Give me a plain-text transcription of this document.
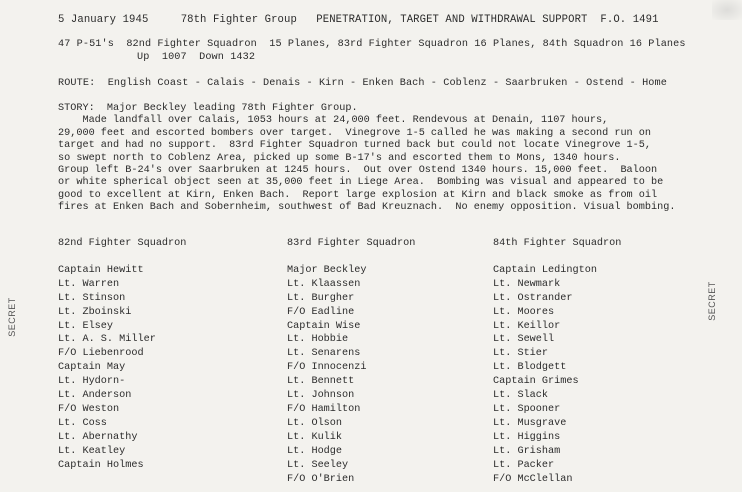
5 January 1945     78th Fighter Group   PENETRATION, TARGET AND WITHDRAWAL SUPPORT  F.O. 1491
47 P-51's  82nd Fighter Squadron  15 Planes, 83rd Fighter Squadron 16 Planes, 84th Squadron 16 Planes
Up  1007  Down 1432
ROUTE:  English Coast - Calais - Denais - Kirn - Enken Bach - Coblenz - Saarbruken - Ostend - Home
STORY:  Major Beckley leading 78th Fighter Group.
Made landfall over Calais, 1053 hours at 24,000 feet. Rendevous at Denain, 1107 hours,
29,000 feet and escorted bombers over target.  Vinegrove 1-5 called he was making a second run on
target and had no support.  83rd Fighter Squadron turned back but could not locate Vinegrove 1-5,
so swept north to Coblenz Area, picked up some B-17's and escorted them to Mons, 1340 hours.
Group left B-24's over Saarbruken at 1245 hours.  Out over Ostend 1340 hours. 15,000 feet.  Baloon
or white spherical object seen at 35,000 feet in Liege Area.  Bombing was visual and appeared to be
good to excellent at Kirn, Enken Bach.  Report large explosion at Kirn and black smoke as from oil
fires at Enken Bach and Sobernheim, southwest of Bad Kreuznach.  No enemy opposition. Visual bombing.
82nd Fighter Squadron
Captain Hewitt
Lt. Warren
Lt. Stinson
Lt. Zboinski
Lt. Elsey
Lt. A. S. Miller
F/O Liebenrood
Captain May
Lt. Hydorn-
Lt. Anderson
F/O Weston
Lt. Coss
Lt. Abernathy
Lt. Keatley
Captain Holmes
83rd Fighter Squadron
Major Beckley
Lt. Klaassen
Lt. Burgher
F/O Eadline
Captain Wise
Lt. Hobbie
Lt. Senarens
F/O Innocenzi
Lt. Bennett
Lt. Johnson
F/O Hamilton
Lt. Olson
Lt. Kulik
Lt. Hodge
Lt. Seeley
F/O O'Brien
84th Fighter Squadron
Captain Ledington
Lt. Newmark
Lt. Ostrander
Lt. Moores
Lt. Keillor
Lt. Sewell
Lt. Stier
Lt. Blodgett
Captain Grimes
Lt. Slack
Lt. Spooner
Lt. Musgrave
Lt. Higgins
Lt. Grisham
Lt. Packer
F/O McClellan
SECRET	SECRET
